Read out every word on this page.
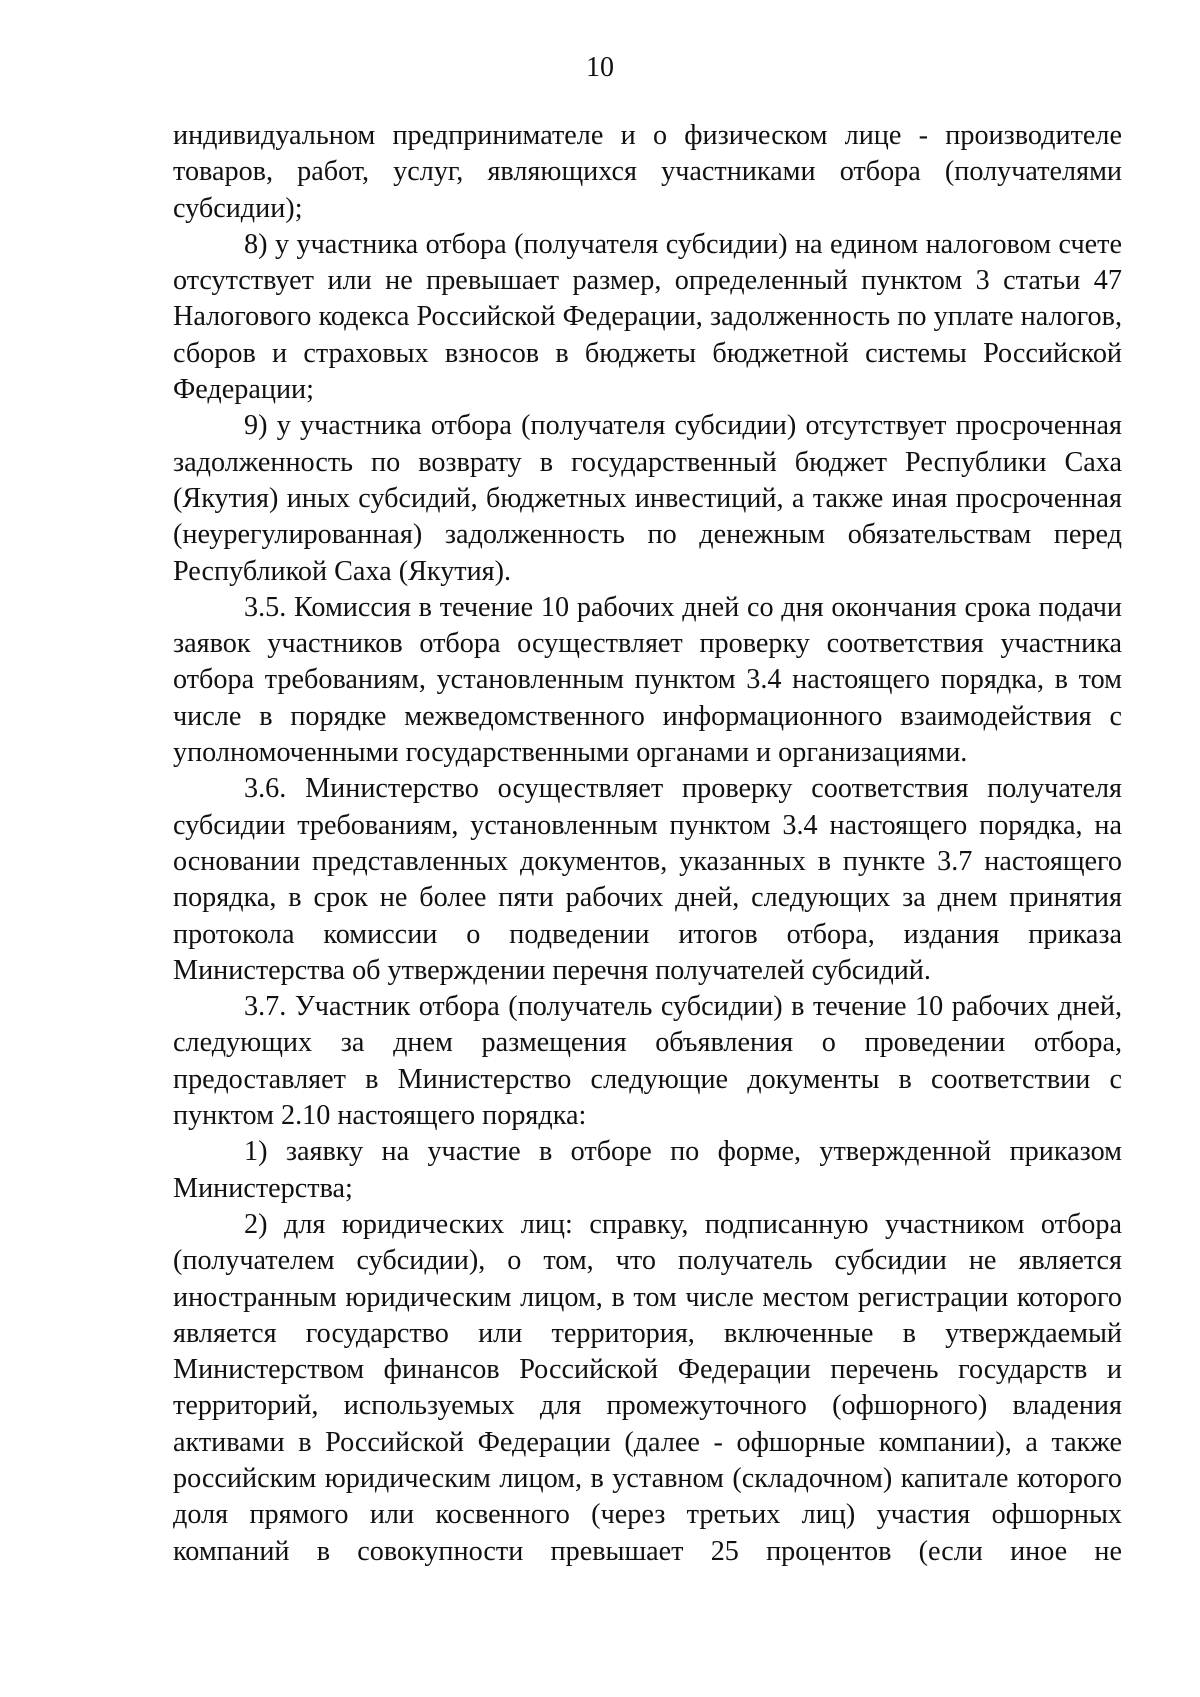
10

индивидуальном предпринимателе и о физическом лице - производителе товаров, работ, услуг, являющихся участниками отбора (получателями субсидии);

8) у участника отбора (получателя субсидии) на едином налоговом счете отсутствует или не превышает размер, определенный пунктом 3 статьи 47 Налогового кодекса Российской Федерации, задолженность по уплате налогов, сборов и страховых взносов в бюджеты бюджетной системы Российской Федерации;

9) у участника отбора (получателя субсидии) отсутствует просроченная задолженность по возврату в государственный бюджет Республики Саха (Якутия) иных субсидий, бюджетных инвестиций, а также иная просроченная (неурегулированная) задолженность по денежным обязательствам перед Республикой Саха (Якутия).

3.5. Комиссия в течение 10 рабочих дней со дня окончания срока подачи заявок участников отбора осуществляет проверку соответствия участника отбора требованиям, установленным пунктом 3.4 настоящего порядка, в том числе в порядке межведомственного информационного взаимодействия с уполномоченными государственными органами и организациями.

3.6. Министерство осуществляет проверку соответствия получателя субсидии требованиям, установленным пунктом 3.4 настоящего порядка, на основании представленных документов, указанных в пункте 3.7 настоящего порядка, в срок не более пяти рабочих дней, следующих за днем принятия протокола комиссии о подведении итогов отбора, издания приказа Министерства об утверждении перечня получателей субсидий.

3.7. Участник отбора (получатель субсидии) в течение 10 рабочих дней, следующих за днем размещения объявления о проведении отбора, предоставляет в Министерство следующие документы в соответствии с пунктом 2.10 настоящего порядка:

1) заявку на участие в отборе по форме, утвержденной приказом Министерства;

2) для юридических лиц: справку, подписанную участником отбора (получателем субсидии), о том, что получатель субсидии не является иностранным юридическим лицом, в том числе местом регистрации которого является государство или территория, включенные в утверждаемый Министерством финансов Российской Федерации перечень государств и территорий, используемых для промежуточного (офшорного) владения активами в Российской Федерации (далее - офшорные компании), а также российским юридическим лицом, в уставном (складочном) капитале которого доля прямого или косвенного (через третьих лиц) участия офшорных компаний в совокупности превышает 25 процентов (если иное не
